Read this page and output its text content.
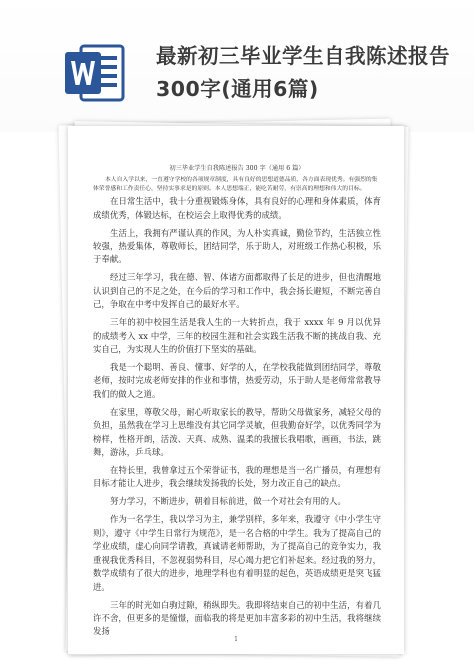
最新初三毕业学生自我陈述报告300字(通用6篇)
初三毕业学生自我陈述报告 300 字（通用 6 篇）

本人自入学以来，一直遵守学校的各项规章制度，具有良好的思想道德品质，各方面表现优秀。有强烈的集体荣誉感和工作责任心，坚持实事求是的原则。本人思想端正，能吃苦耐劳，有崇高的理想和伟大的目标。

在日常生活中，我十分重视锻炼身体，具有良好的心理和身体素质，体育成绩优秀，体锻达标，在校运会上取得优秀的成绩。

生活上，我拥有严谨认真的作风，为人朴实真诚，勤俭节约，生活独立性较强，热爱集体，尊敬师长，团结同学，乐于助人，对班级工作热心积极，乐于奉献。

经过三年学习，我在德、智、体诸方面都取得了长足的进步，但也清醒地认识到自己的不足之处，在今后的学习和工作中，我会扬长避短，不断完善自己，争取在中考中发挥自己的最好水平。

三年的初中校园生活是我人生的一大转折点，我于 xxxx 年 9 月以优异的成绩考入 xx 中学，三年的校园生涯和社会实践生活我不断的挑战自我、充实自己，为实现人生的价值打下坚实的基础。

我是一个聪明、善良、懂事、好学的人，在学校我能做到团结同学，尊敬老师，按时完成老师安排的作业和事情，热爱劳动，乐于助人是老师常常教导我们的做人之道。

在家里，尊敬父母，耐心听取家长的教导，帮助父母做家务，减轻父母的负担，虽然我在学习上思维没有其它同学灵敏，但我勤奋好学，以优秀同学为榜样，性格开朗，活泼、天真、成熟、温柔的我擅长我唱歌，画画，书法，跳舞，游泳，乒乓球。

在特长里，我曾拿过五个荣誉证书，我的理想是当一名广播员，有理想有目标才能让人进步，我会继续发扬我的长处，努力改正自己的缺点。

努力学习，不断进步，朝着目标前进，做一个对社会有用的人。

作为一名学生，我以学习为主，兼学别样，多年来，我遵守《中小学生守则》，遵守《中学生日常行为规范》，是一名合格的中学生。我为了提高自己的学业成绩，虚心向同学请教，真诚请老师帮助，为了提高自己的竞争实力，我重视我优秀科目，不忽视弱势科目，尽心竭力把它们补起来。经过我的努力，数学成绩有了很大的进步，地理学科也有着明显的起色，英语成绩更是突飞猛进。

三年的时光如白驹过隙，稍纵即失。我即将结束自己的初中生活，有着几许不舍，但更多的是憧憬，面临我的将是更加丰富多彩的初中生活，我将继续发扬

1
